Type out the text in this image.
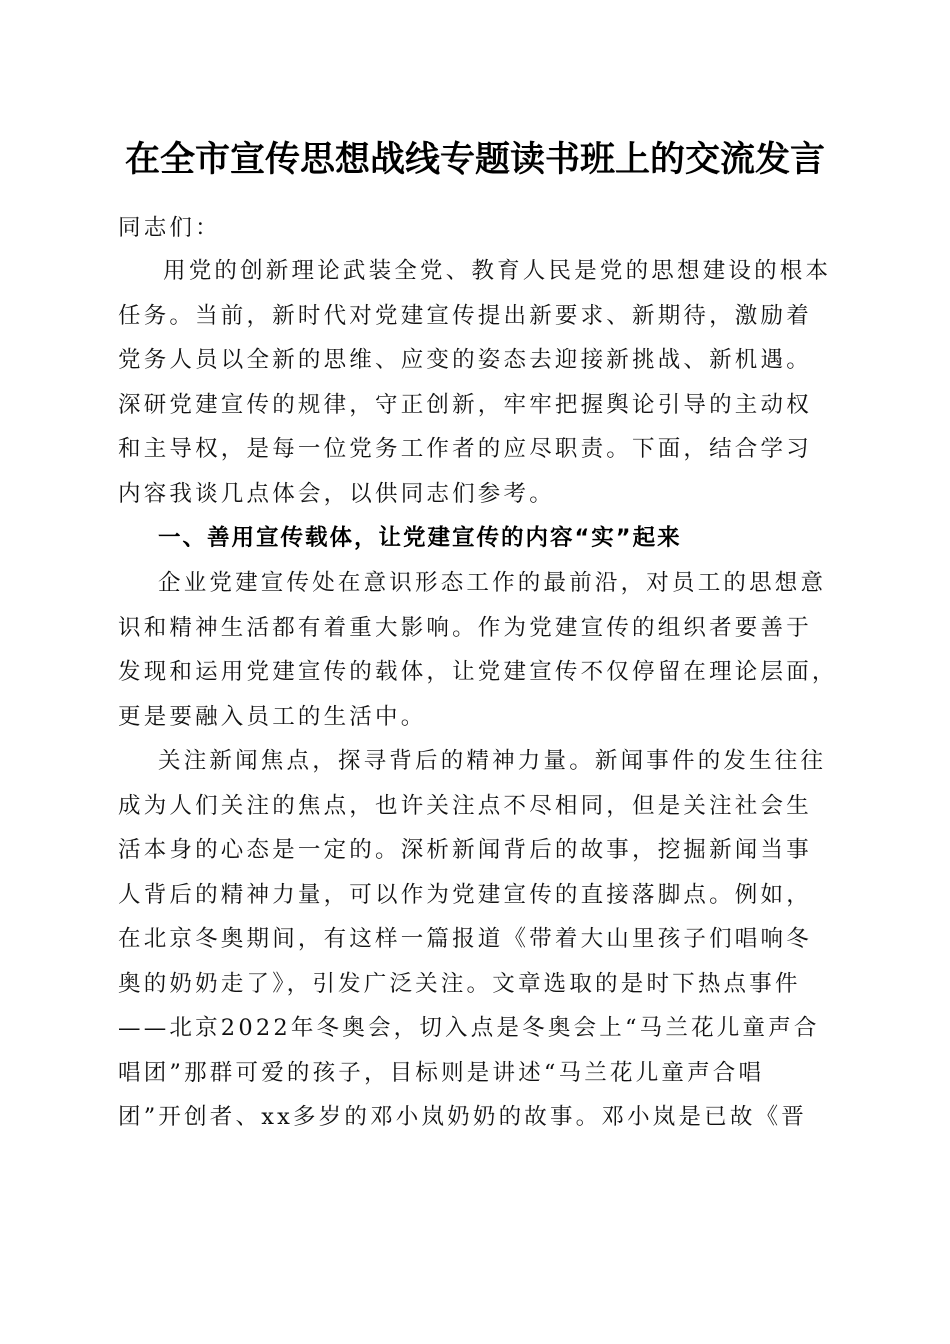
在全市宣传思想战线专题读书班上的交流发言
同志们：
用党的创新理论武装全党、教育人民是党的思想建设的根本
任务。当前，新时代对党建宣传提出新要求、新期待，激励着
党务人员以全新的思维、应变的姿态去迎接新挑战、新机遇。
深研党建宣传的规律，守正创新，牢牢把握舆论引导的主动权
和主导权，是每一位党务工作者的应尽职责。下面，结合学习
内容我谈几点体会，以供同志们参考。
一、善用宣传载体，让党建宣传的内容“实”起来
企业党建宣传处在意识形态工作的最前沿，对员工的思想意
识和精神生活都有着重大影响。作为党建宣传的组织者要善于
发现和运用党建宣传的载体，让党建宣传不仅停留在理论层面，
更是要融入员工的生活中。
关注新闻焦点，探寻背后的精神力量。新闻事件的发生往往
成为人们关注的焦点，也许关注点不尽相同，但是关注社会生
活本身的心态是一定的。深析新闻背后的故事，挖掘新闻当事
人背后的精神力量，可以作为党建宣传的直接落脚点。例如，
在北京冬奥期间，有这样一篇报道《带着大山里孩子们唱响冬
奥的奶奶走了》，引发广泛关注。文章选取的是时下热点事件
——北京2022年冬奥会，切入点是冬奥会上“马兰花儿童声合
唱团”那群可爱的孩子，目标则是讲述“马兰花儿童声合唱
团”开创者、xx多岁的邓小岚奶奶的故事。邓小岚是已故《晋
